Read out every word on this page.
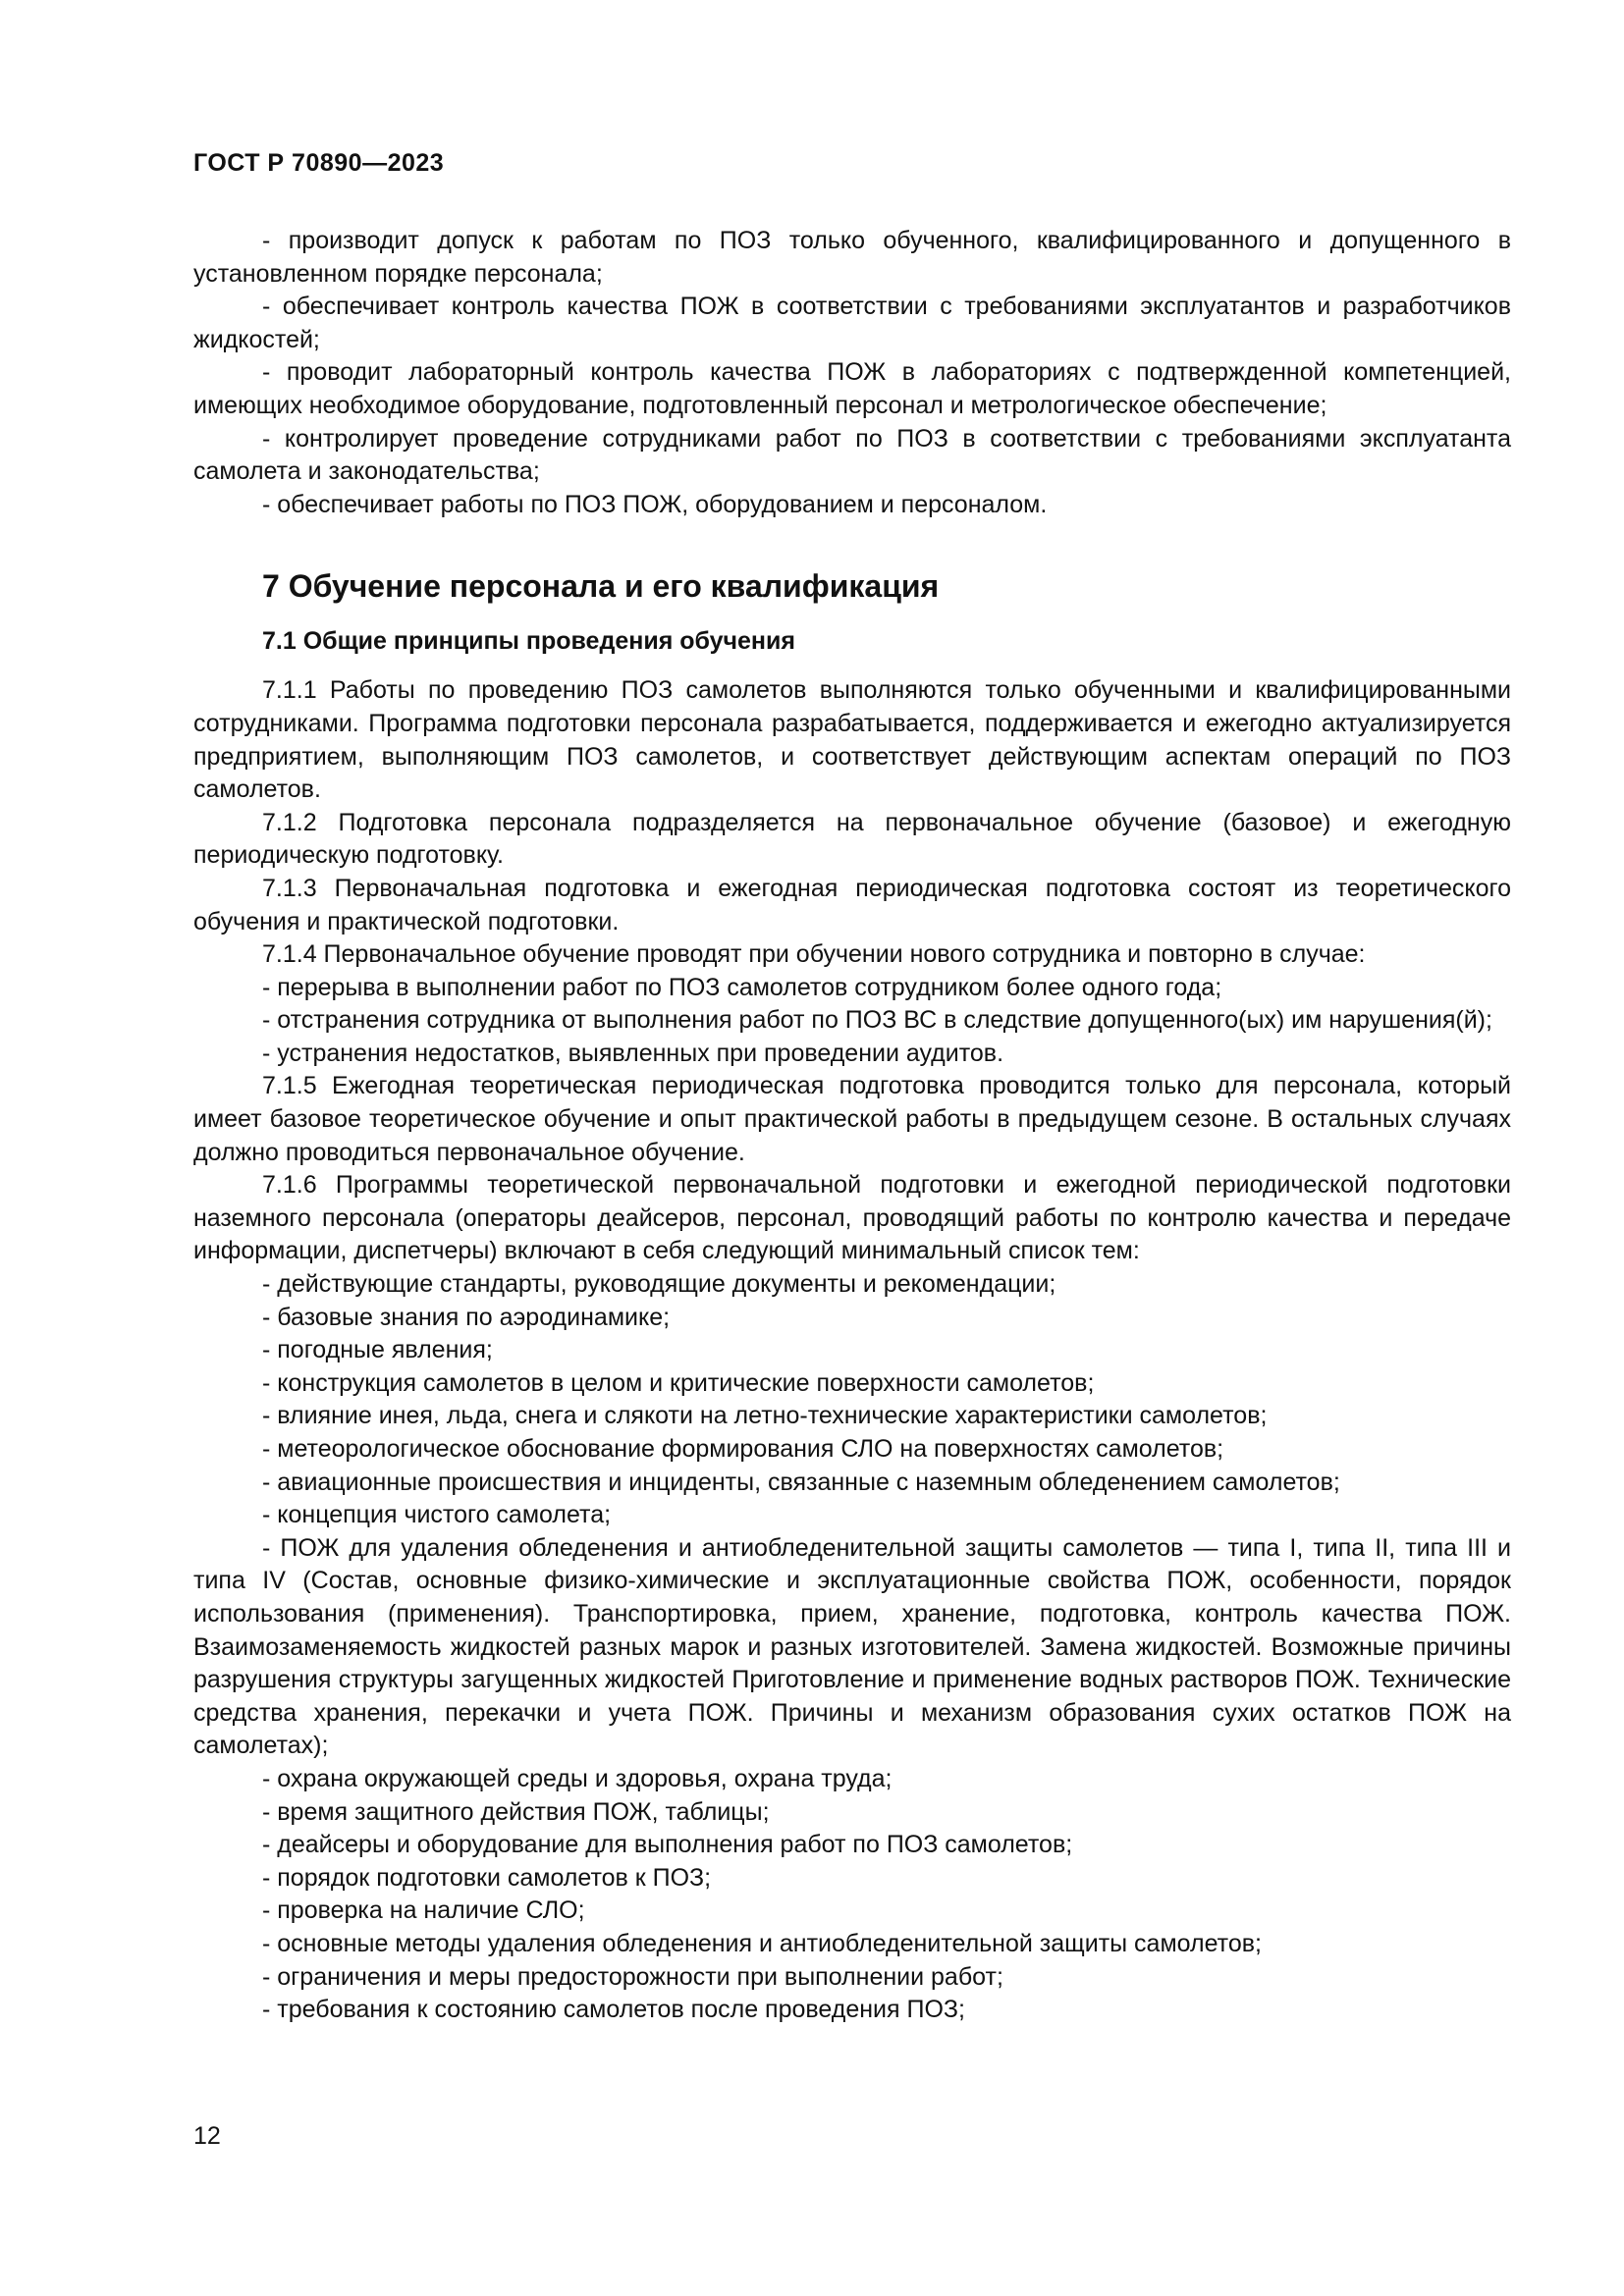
ГОСТ Р 70890—2023

- производит допуск к работам по ПОЗ только обученного, квалифицированного и допущенного в установленном порядке персонала;

- обеспечивает контроль качества ПОЖ в соответствии с требованиями эксплуатантов и разработчиков жидкостей;

- проводит лабораторный контроль качества ПОЖ в лабораториях с подтвержденной компетенцией, имеющих необходимое оборудование, подготовленный персонал и метрологическое обеспечение;

- контролирует проведение сотрудниками работ по ПОЗ в соответствии с требованиями эксплуатанта самолета и законодательства;

- обеспечивает работы по ПОЗ ПОЖ, оборудованием и персоналом.

7 Обучение персонала и его квалификация
7.1 Общие принципы проведения обучения

7.1.1 Работы по проведению ПОЗ самолетов выполняются только обученными и квалифицированными сотрудниками. Программа подготовки персонала разрабатывается, поддерживается и ежегодно актуализируется предприятием, выполняющим ПОЗ самолетов, и соответствует действующим аспектам операций по ПОЗ самолетов.

7.1.2 Подготовка персонала подразделяется на первоначальное обучение (базовое) и ежегодную периодическую подготовку.

7.1.3 Первоначальная подготовка и ежегодная периодическая подготовка состоят из теоретического обучения и практической подготовки.

7.1.4 Первоначальное обучение проводят при обучении нового сотрудника и повторно в случае:

- перерыва в выполнении работ по ПОЗ самолетов сотрудником более одного года;

- отстранения сотрудника от выполнения работ по ПОЗ ВС в следствие допущенного(ых) им нарушения(й);

- устранения недостатков, выявленных при проведении аудитов.

7.1.5 Ежегодная теоретическая периодическая подготовка проводится только для персонала, который имеет базовое теоретическое обучение и опыт практической работы в предыдущем сезоне. В остальных случаях должно проводиться первоначальное обучение.

7.1.6 Программы теоретической первоначальной подготовки и ежегодной периодической подготовки наземного персонала (операторы деайсеров, персонал, проводящий работы по контролю качества и передаче информации, диспетчеры) включают в себя следующий минимальный список тем:

- действующие стандарты, руководящие документы и рекомендации;

- базовые знания по аэродинамике;

- погодные явления;

- конструкция самолетов в целом и критические поверхности самолетов;

- влияние инея, льда, снега и слякоти на летно-технические характеристики самолетов;

- метеорологическое обоснование формирования СЛО на поверхностях самолетов;

- авиационные происшествия и инциденты, связанные с наземным обледенением самолетов;

- концепция чистого самолета;

- ПОЖ для удаления обледенения и антиобледенительной защиты самолетов — типа I, типа II, типа III и типа IV (Состав, основные физико-химические и эксплуатационные свойства ПОЖ, особенности, порядок использования (применения). Транспортировка, прием, хранение, подготовка, контроль качества ПОЖ. Взаимозаменяемость жидкостей разных марок и разных изготовителей. Замена жидкостей. Возможные причины разрушения структуры загущенных жидкостей Приготовление и применение водных растворов ПОЖ. Технические средства хранения, перекачки и учета ПОЖ. Причины и механизм образования сухих остатков ПОЖ на самолетах);

- охрана окружающей среды и здоровья, охрана труда;

- время защитного действия ПОЖ, таблицы;

- деайсеры и оборудование для выполнения работ по ПОЗ самолетов;

- порядок подготовки самолетов к ПОЗ;

- проверка на наличие СЛО;

- основные методы удаления обледенения и антиобледенительной защиты самолетов;

- ограничения и меры предосторожности при выполнении работ;

- требования к состоянию самолетов после проведения ПОЗ;

12
